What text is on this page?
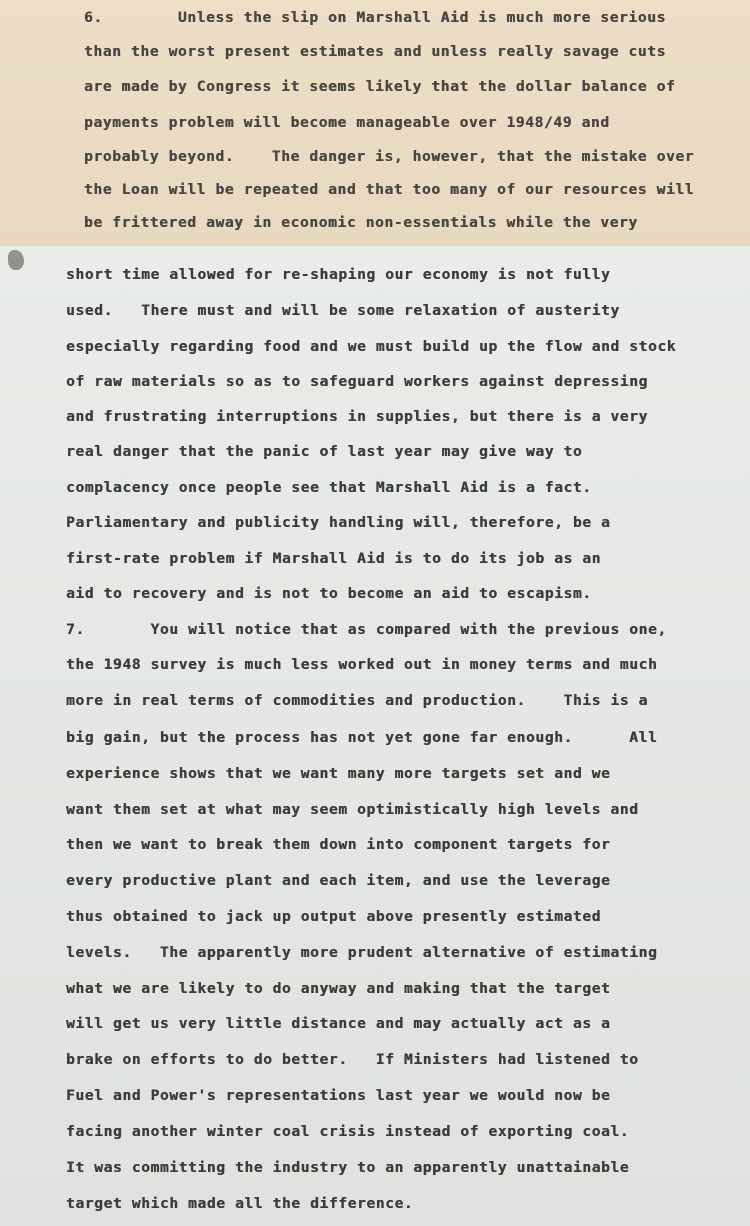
6.        Unless the slip on Marshall Aid is much more serious
than the worst present estimates and unless really savage cuts
are made by Congress it seems likely that the dollar balance of
payments problem will become manageable over 1948/49 and
probably beyond.    The danger is, however, that the mistake over
the Loan will be repeated and that too many of our resources will
be frittered away in economic non-essentials while the very
short time allowed for re-shaping our economy is not fully
used.   There must and will be some relaxation of austerity
especially regarding food and we must build up the flow and stock
of raw materials so as to safeguard workers against depressing
and frustrating interruptions in supplies, but there is a very
real danger that the panic of last year may give way to
complacency once people see that Marshall Aid is a fact.
Parliamentary and publicity handling will, therefore, be a
first-rate problem if Marshall Aid is to do its job as an
aid to recovery and is not to become an aid to escapism.
7.       You will notice that as compared with the previous one,
the 1948 survey is much less worked out in money terms and much
more in real terms of commodities and production.    This is a
big gain, but the process has not yet gone far enough.      All
experience shows that we want many more targets set and we
want them set at what may seem optimistically high levels and
then we want to break them down into component targets for
every productive plant and each item, and use the leverage
thus obtained to jack up output above presently estimated
levels.   The apparently more prudent alternative of estimating
what we are likely to do anyway and making that the target
will get us very little distance and may actually act as a
brake on efforts to do better.   If Ministers had listened to
Fuel and Power's representations last year we would now be
facing another winter coal crisis instead of exporting coal.
It was committing the industry to an apparently unattainable
target which made all the difference.
